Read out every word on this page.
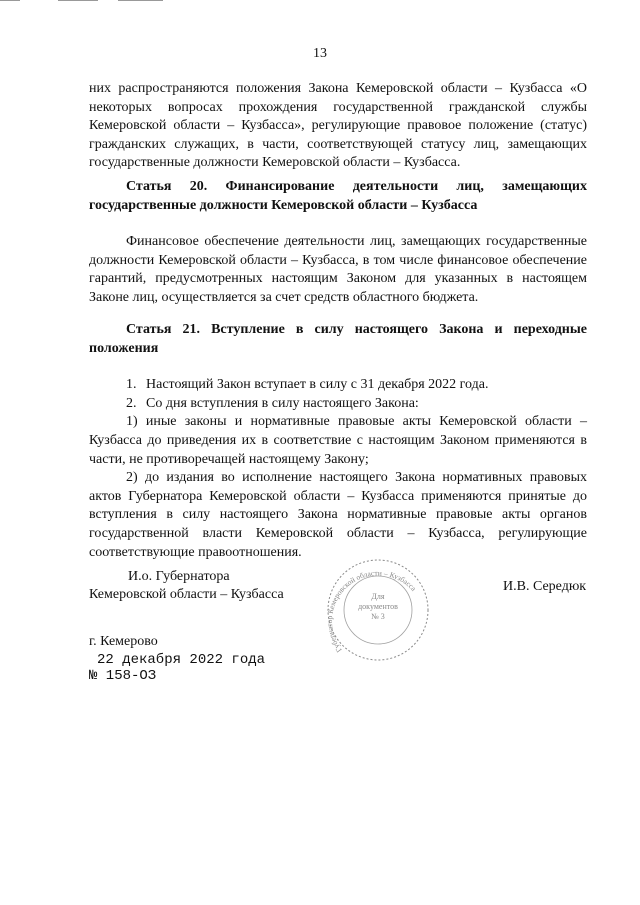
13

них распространяются положения Закона Кемеровской области – Кузбасса «О некоторых вопросах прохождения государственной гражданской службы Кемеровской области – Кузбасса», регулирующие правовое положение (статус) гражданских служащих, в части, соответствующей статусу лиц, замещающих государственные должности Кемеровской области – Кузбасса.

Статья 20. Финансирование деятельности лиц, замещающих государственные должности Кемеровской области – Кузбасса

Финансовое обеспечение деятельности лиц, замещающих государственные должности Кемеровской области – Кузбасса, в том числе финансовое обеспечение гарантий, предусмотренных настоящим Законом для указанных в настоящем Законе лиц, осуществляется за счет средств областного бюджета.

Статья 21. Вступление в силу настоящего Закона и переходные положения

1. Настоящий Закон вступает в силу с 31 декабря 2022 года.

2. Со дня вступления в силу настоящего Закона:

1) иные законы и нормативные правовые акты Кемеровской области – Кузбасса до приведения их в соответствие с настоящим Законом применяются в части, не противоречащей настоящему Закону;

2) до издания во исполнение настоящего Закона нормативных правовых актов Губернатора Кемеровской области – Кузбасса применяются принятые до вступления в силу настоящего Закона нормативные правовые акты органов государственной власти Кемеровской области – Кузбасса, регулирующие соответствующие правоотношения.

И.о. Губернатора
Кемеровской области – Кузбасса
И.В. Середюк
Губернатор Кемеровской области – Кузбасса
Для
документов
№ 3
г. Кемерово
22 декабря 2022 года
№ 158-ОЗ
